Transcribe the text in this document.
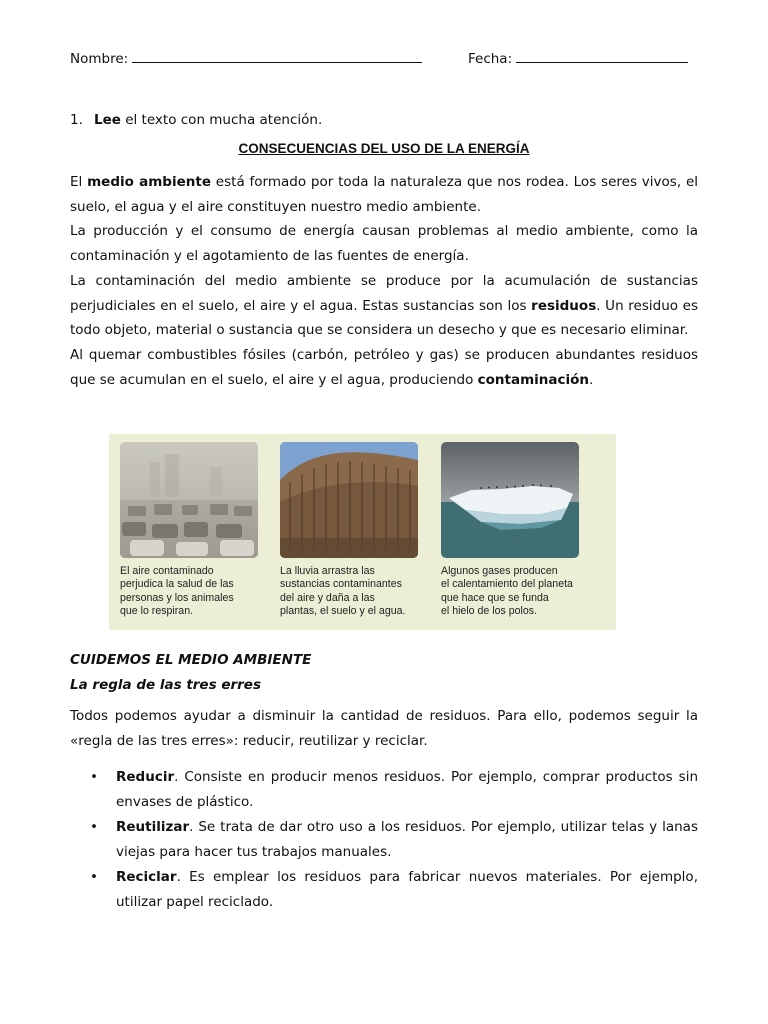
Nombre:	Fecha:
1. Lee el texto con mucha atención.
CONSECUENCIAS DEL USO DE LA ENERGÍA

El medio ambiente está formado por toda la naturaleza que nos rodea. Los seres vivos, el suelo, el agua y el aire constituyen nuestro medio ambiente.

La producción y el consumo de energía causan problemas al medio ambiente, como la contaminación y el agotamiento de las fuentes de energía.

La contaminación del medio ambiente se produce por la acumulación de sustancias perjudiciales en el suelo, el aire y el agua. Estas sustancias son los residuos. Un residuo es todo objeto, material o sustancia que se considera un desecho y que es necesario eliminar.

Al quemar combustibles fósiles (carbón, petróleo y gas) se producen abundantes residuos que se acumulan en el suelo, el aire y el agua, produciendo contaminación.

El aire contaminado
perjudica la salud de las
personas y los animales
que lo respiran.
La lluvia arrastra las
sustancias contaminantes
del aire y daña a las
plantas, el suelo y el agua.
Algunos gases producen
el calentamiento del planeta
que hace que se funda
el hielo de los polos.
CUIDEMOS EL MEDIO AMBIENTE
La regla de las tres erres

Todos podemos ayudar a disminuir la cantidad de residuos. Para ello, podemos seguir la «regla de las tres erres»: reducir, reutilizar y reciclar.

• Reducir. Consiste en producir menos residuos. Por ejemplo, comprar productos sin envases de plástico.
• Reutilizar. Se trata de dar otro uso a los residuos. Por ejemplo, utilizar telas y lanas viejas para hacer tus trabajos manuales.
• Reciclar. Es emplear los residuos para fabricar nuevos materiales. Por ejemplo, utilizar papel reciclado.
